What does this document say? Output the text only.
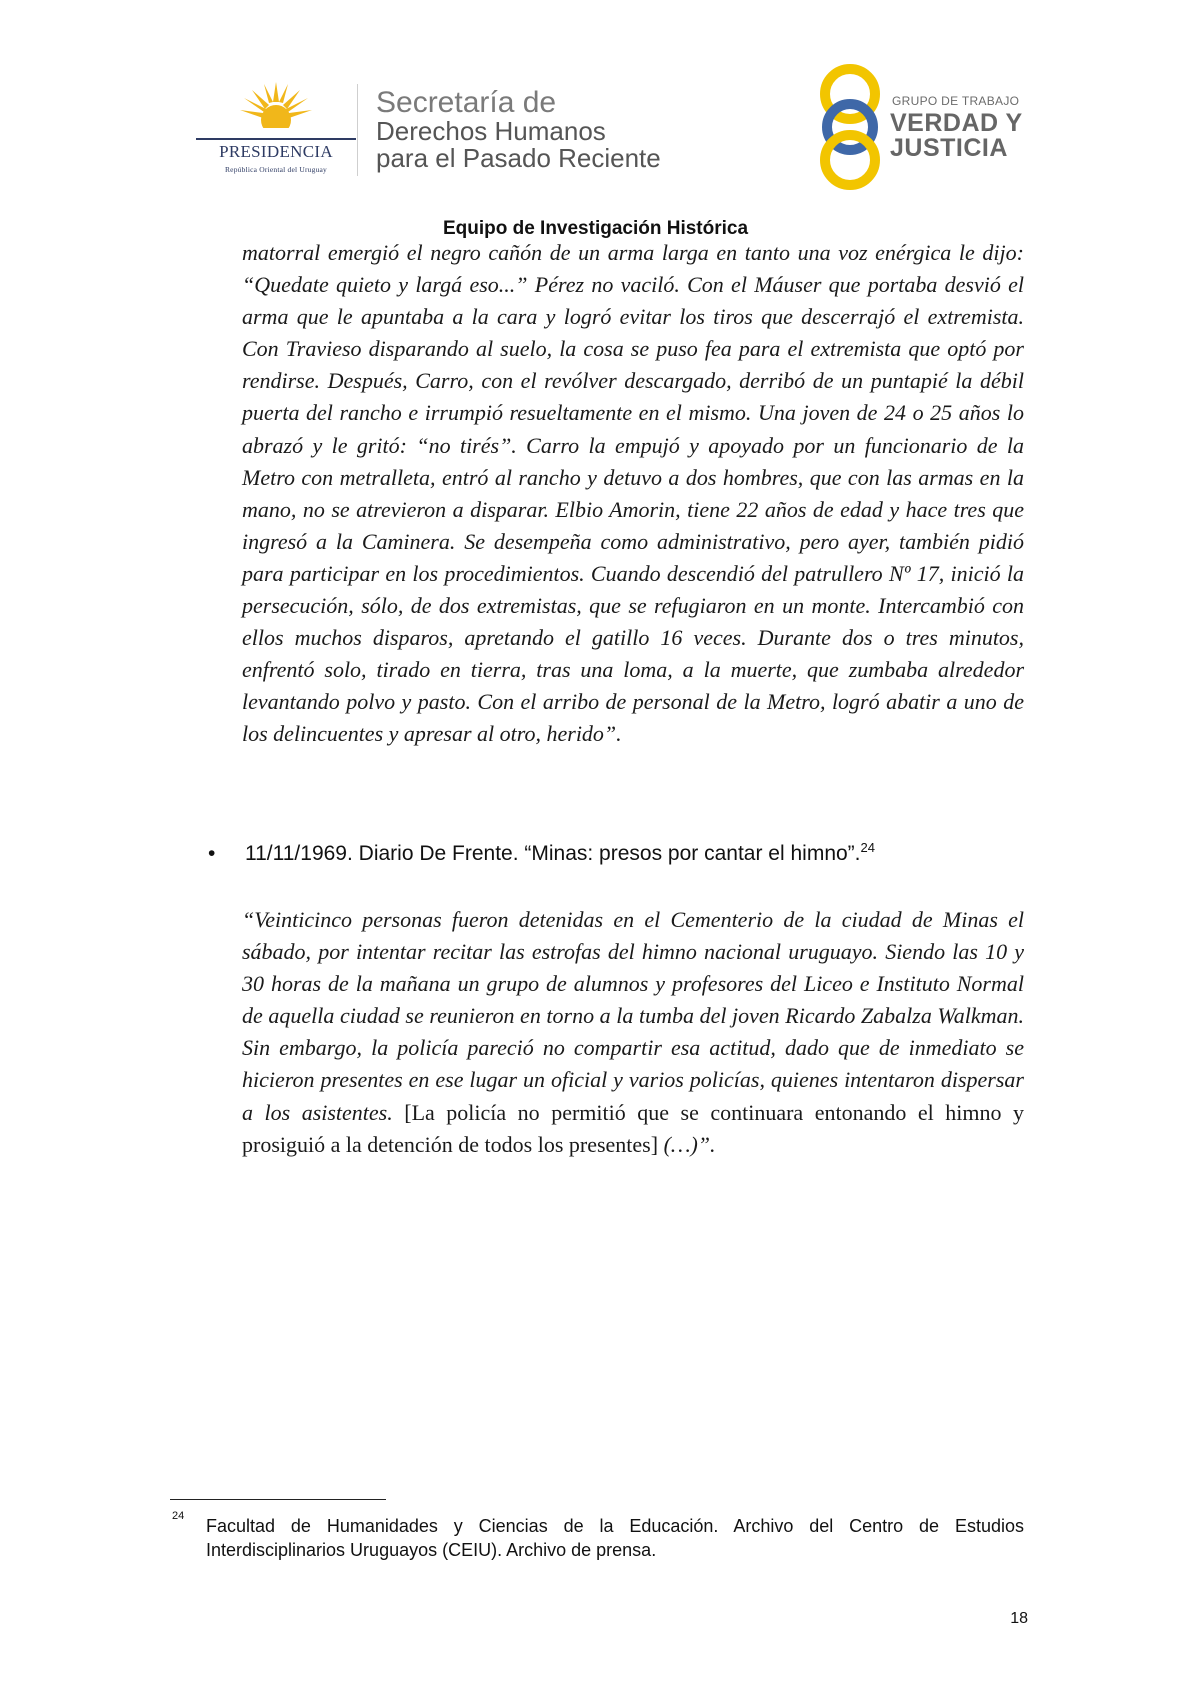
PRESIDENCIA
República Oriental del Uruguay
Secretaría de
Derechos Humanos
para el Pasado Reciente
GRUPO DE TRABAJO
VERDAD Y
JUSTICIA
Equipo de Investigación Histórica

matorral emergió el negro cañón de un arma larga en tanto una voz enérgica le dijo: “Quedate quieto y largá eso...” Pérez no vaciló. Con el Máuser que portaba desvió el arma que le apuntaba a la cara y logró evitar los tiros que descerrajó el extremista. Con Travieso disparando al suelo, la cosa se puso fea para el extremista que optó por rendirse. Después, Carro, con el revólver descargado, derribó de un puntapié la débil puerta del rancho e irrumpió resueltamente en el mismo. Una joven de 24 o 25 años lo abrazó y le gritó: “no tirés”. Carro la empujó y apoyado por un funcionario de la Metro con metralleta, entró al rancho y detuvo a dos hombres, que con las armas en la mano, no se atrevieron a disparar. Elbio Amorin, tiene 22 años de edad y hace tres que ingresó a la Caminera. Se desempeña como administrativo, pero ayer, también pidió para participar en los procedimientos. Cuando descendió del patrullero Nº 17, inició la persecución, sólo, de dos extremistas, que se refugiaron en un monte. Intercambió con ellos muchos disparos, apretando el gatillo 16 veces. Durante dos o tres minutos, enfrentó solo, tirado en tierra, tras una loma, a la muerte, que zumbaba alrededor levantando polvo y pasto. Con el arribo de personal de la Metro, logró abatir a uno de los delincuentes y apresar al otro, herido”.

• 11/11/1969. Diario De Frente. “Minas: presos por cantar el himno”.$^{24}$

“Veinticinco personas fueron detenidas en el Cementerio de la ciudad de Minas el sábado, por intentar recitar las estrofas del himno nacional uruguayo. Siendo las 10 y 30 horas de la mañana un grupo de alumnos y profesores del Liceo e Instituto Normal de aquella ciudad se reunieron en torno a la tumba del joven Ricardo Zabalza Walkman. Sin embargo, la policía pareció no compartir esa actitud, dado que de inmediato se hicieron presentes en ese lugar un oficial y varios policías, quienes intentaron dispersar a los asistentes. [La policía no permitió que se continuara entonando el himno y prosiguió a la detención de todos los presentes] (…)”.

24 Facultad de Humanidades y Ciencias de la Educación. Archivo del Centro de Estudios Interdisciplinarios Uruguayos (CEIU). Archivo de prensa.

18
